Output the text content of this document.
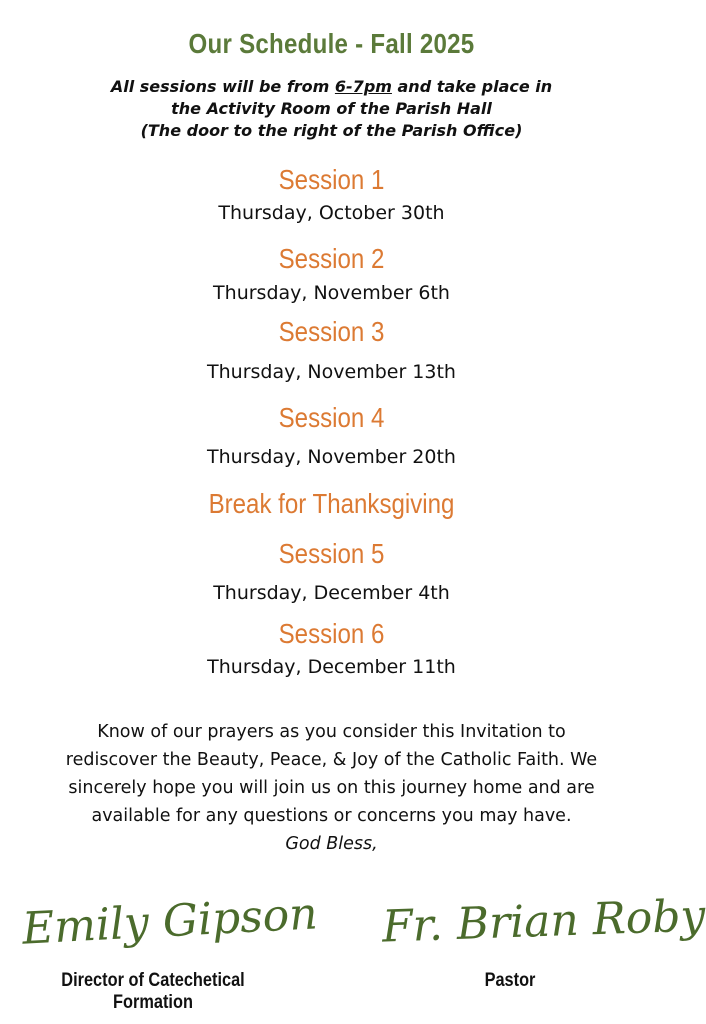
Our Schedule - Fall 2025
All sessions will be from 6-7pm and take place in
the Activity Room of the Parish Hall
(The door to the right of the Parish Office)
Session 1
Thursday, October 30th
Session 2
Thursday, November 6th
Session 3
Thursday, November 13th
Session 4
Thursday, November 20th
Break for Thanksgiving
Session 5
Thursday, December 4th
Session 6
Thursday, December 11th
Know of our prayers as you consider this Invitation to
rediscover the Beauty, Peace, & Joy of the Catholic Faith. We
sincerely hope you will join us on this journey home and are
available for any questions or concerns you may have.
God Bless,
Emily Gipson Fr. Brian Roby
Director of Catechetical Formation
Pastor
